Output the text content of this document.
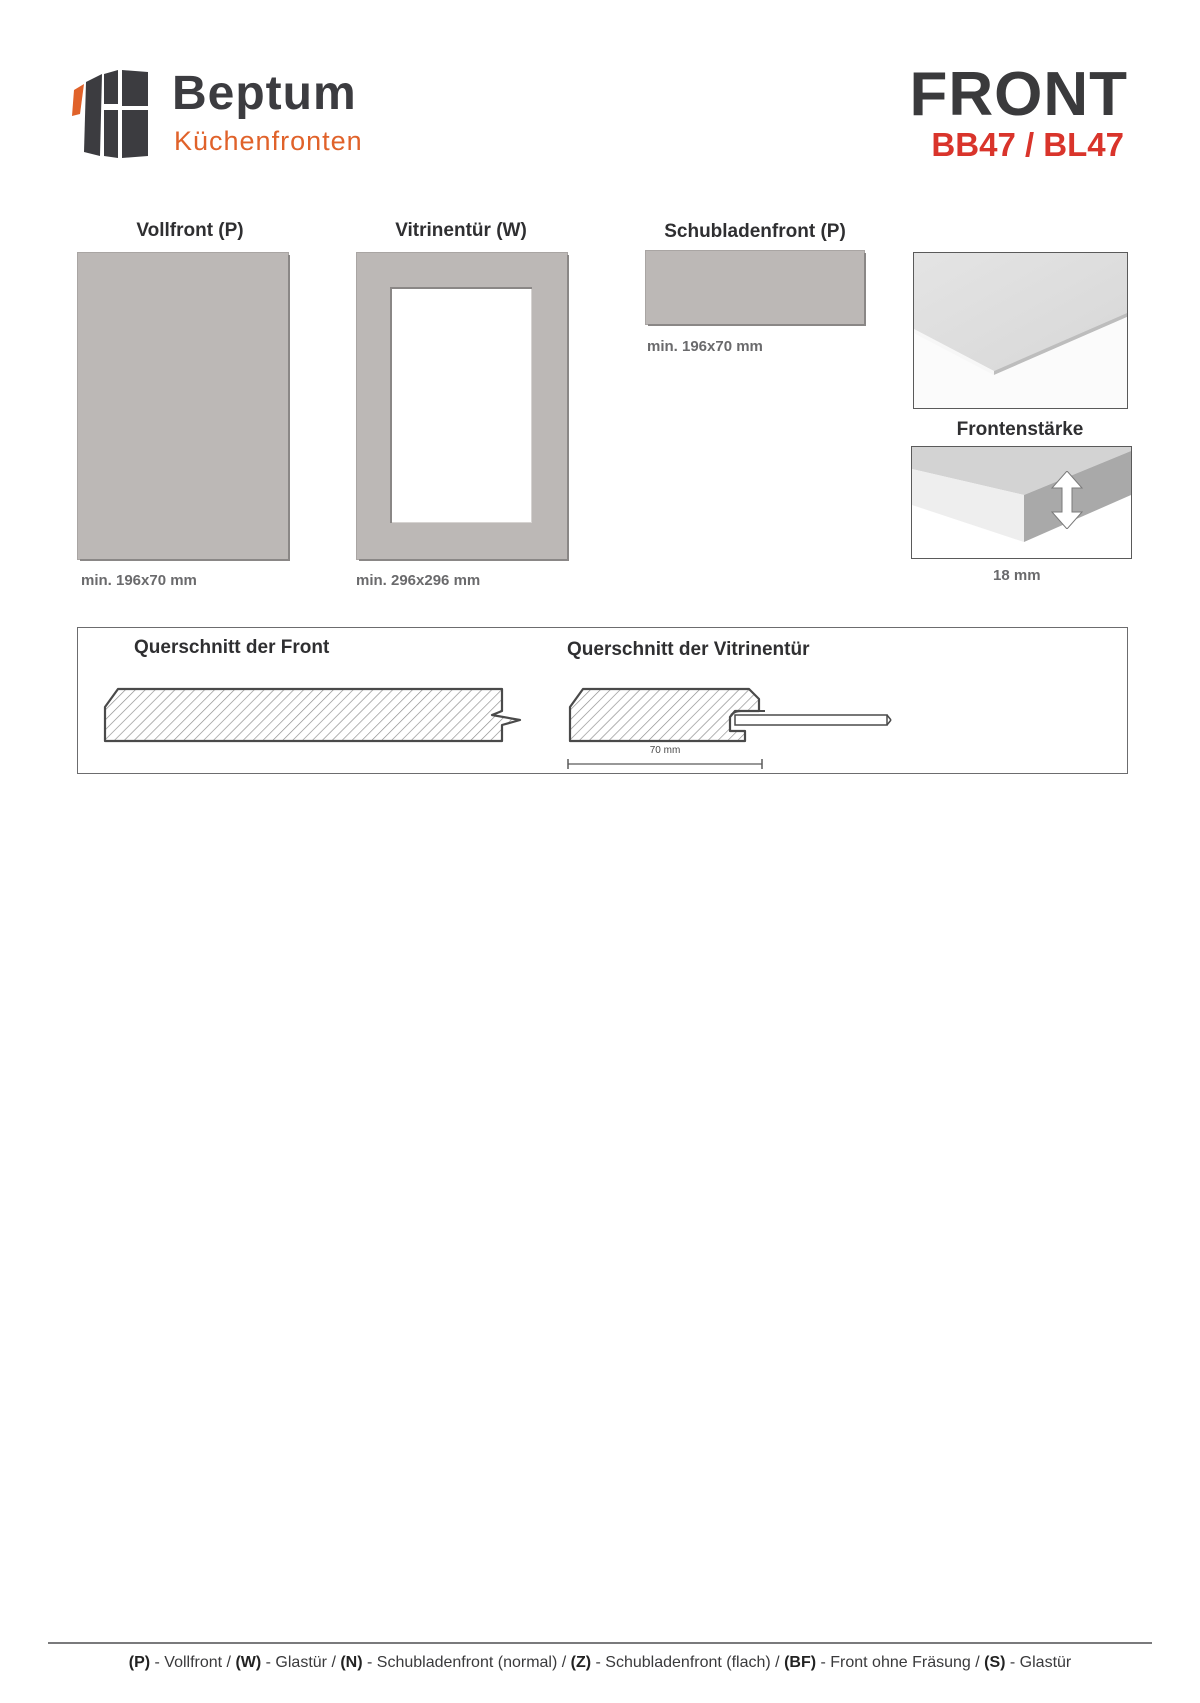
Beptum
Küchenfronten
FRONT
BB47 / BL47
Vollfront (P)
min. 196x70 mm
Vitrinentür (W)
min. 296x296 mm
Schubladenfront (P)
min. 196x70 mm
Frontenstärke
18 mm
Querschnitt der Front	Querschnitt der Vitrinentür
70 mm
(P) - Vollfront / (W) - Glastür / (N) - Schubladenfront (normal) / (Z) - Schubladenfront (flach) / (BF) - Front ohne Fräsung / (S) - Glastür
